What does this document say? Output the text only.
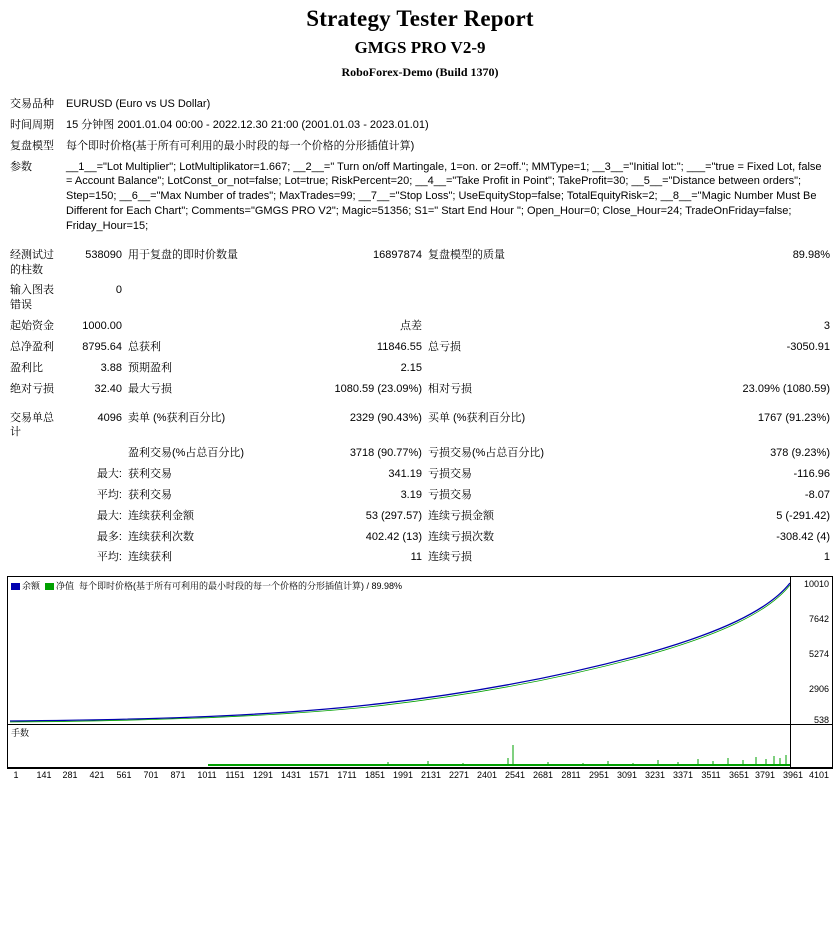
Strategy Tester Report
GMGS PRO V2-9
RoboForex-Demo (Build 1370)
交易品种	EURUSD (Euro vs US Dollar)				
时间周期	15 分钟图 2001.01.04 00:00 - 2022.12.30 21:00 (2001.01.03 - 2023.01.01)				
复盘模型	每个即时价格(基于所有可利用的最小时段的每一个价格的分形插值计算)				
参数	__1__="Lot Multiplier"; LotMultiplikator=1.667; __2__=" Turn on/off Martingale, 1=on. or 2=off."; MMType=1; __3__="Initial lot:"; ___="true = Fixed Lot, false = Account Balance"; LotConst_or_not=false; Lot=true; RiskPercent=20; __4__="Take Profit in Point"; TakeProfit=30; __5__="Distance between orders"; Step=150; __6__="Max Number of trades"; MaxTrades=99; __7__="Stop Loss"; UseEquityStop=false; TotalEquityRisk=2; __8__="Magic Number Must Be Different for Each Chart"; Comments="GMGS PRO V2"; Magic=51356; S1=" Start End Hour "; Open_Hour=0; Close_Hour=24; TradeOnFriday=false; Friday_Hour=15;				

经测试过的柱数	538090	用于复盘的即时价数量	16897874	复盘模型的质量	89.98%
输入图表错误	0				
起始资金	1000.00		点差		3
总净盈利	8795.64	总获利	11846.55	总亏损	-3050.91
盈利比	3.88	预期盈利	2.15		
绝对亏损	32.40	最大亏损	1080.59 (23.09%)	相对亏损	23.09% (1080.59)

交易单总计	4096	卖单 (%获利百分比)	2329 (90.43%)	买单 (%获利百分比)	1767 (91.23%)
		盈利交易(%占总百分比)	3718 (90.77%)	亏损交易(%占总百分比)	378 (9.23%)
	最大:	获利交易	341.19	亏损交易	-116.96
	平均:	获利交易	3.19	亏损交易	-8.07
	最大:	连续获利金额	53 (297.57)	连续亏损金额	5 (-291.42)
	最多:	连续获利次数	402.42 (13)	连续亏损次数	-308.42 (4)
	平均:	连续获利	11	连续亏损	1
余额 净值 每个即时价格(基于所有可利用的最小时段的每一个价格的分形插值计算) / 89.98%	10010
7642
5274
2906
538
手数
1 141 281 421 561 701 871 1011 1151 1291 1431 1571 1711 1851 1991 2131 2271 2401 2541 2681 2811 2951 3091 3231 3371 3511 3651 3791 3961 4101
